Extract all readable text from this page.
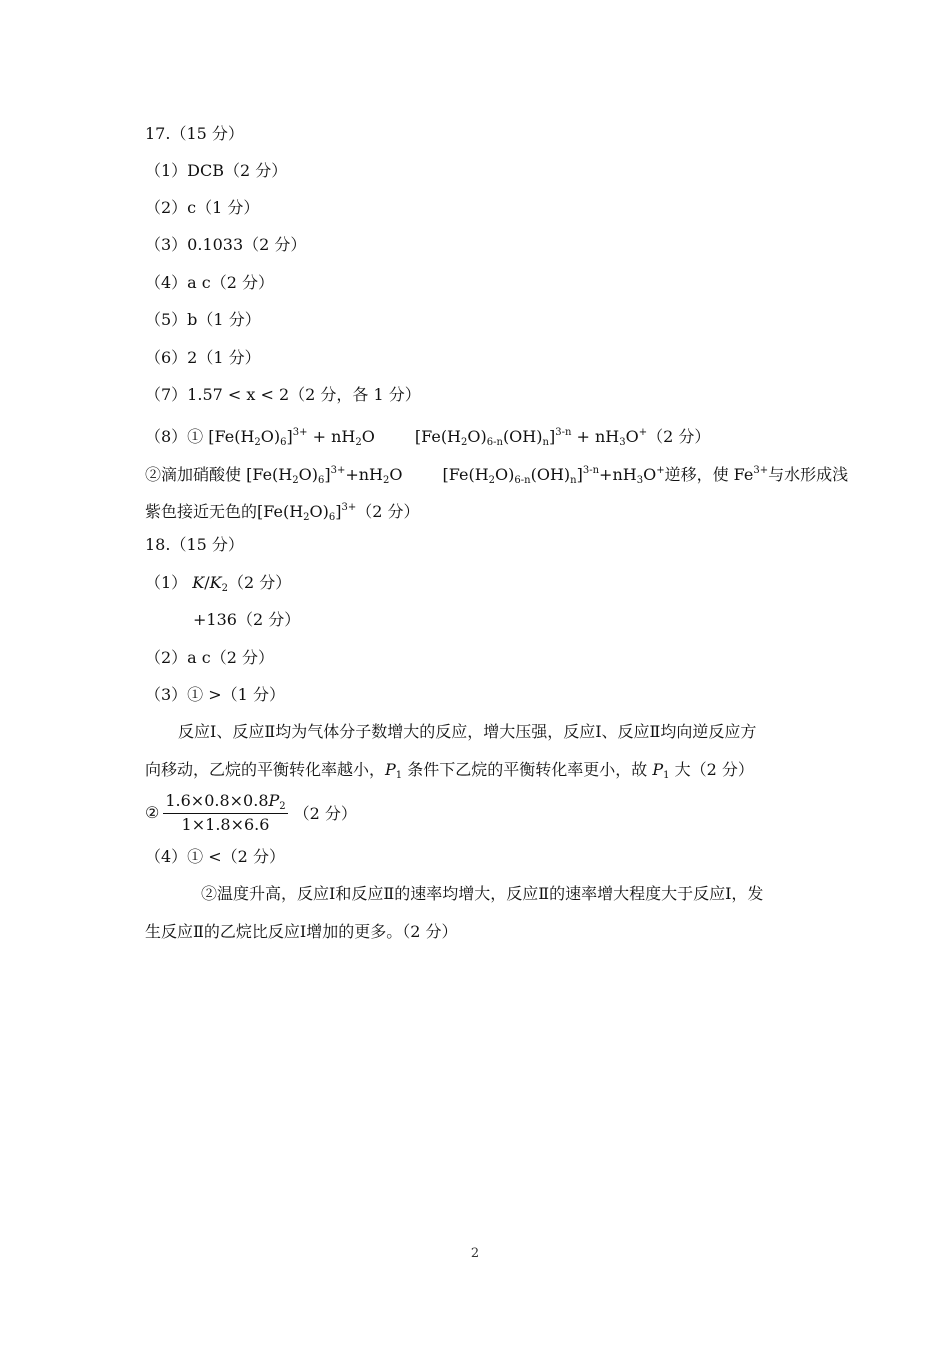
17.（15 分）
（1）DCB（2 分）
（2）c（1 分）
（3）0.1033（2 分）
（4）a c（2 分）
（5）b（1 分）
（6）2（1 分）
（7）1.57 < x < 2（2 分，各 1 分）
（8）① $[Fe(H_2O)_6]^{3+} + nH_2O$	$[Fe(H_2O)_{6-n}(OH)_n]^{3-n} + nH_3O^+(2$ 分）
②滴加硝酸使 $[Fe(H_2O)_6]^{3+}+nH_2O$	$[Fe(H_2O)_{6-n}(OH)_n]^{3-n}+nH_3O^+$逆移，使 $Fe^{3+}$与水形成浅
紫色接近无色的$[Fe(H_2O)_6]^{3+}(2$ 分）
18.（15 分）
（1） $K/K_2(2$ 分）
+136（2 分）
（2）a c（2 分）
（3）① >（1 分）
反应Ⅰ、反应Ⅱ均为气体分子数增大的反应，增大压强，反应Ⅰ、反应Ⅱ均向逆反应方
向移动，乙烷的平衡转化率越小，$P_1$ 条件下乙烷的平衡转化率更小，故 $P_1$ 大（2 分）
② $\frac{1.6\times 0.8\times 0.8P_2}{1\times 1.8\times 6.6} (2$ 分）
（4）① <（2 分）
②温度升高，反应Ⅰ和反应Ⅱ的速率均增大，反应Ⅱ的速率增大程度大于反应Ⅰ，发
生反应Ⅱ的乙烷比反应Ⅰ增加的更多。（2 分）
2
